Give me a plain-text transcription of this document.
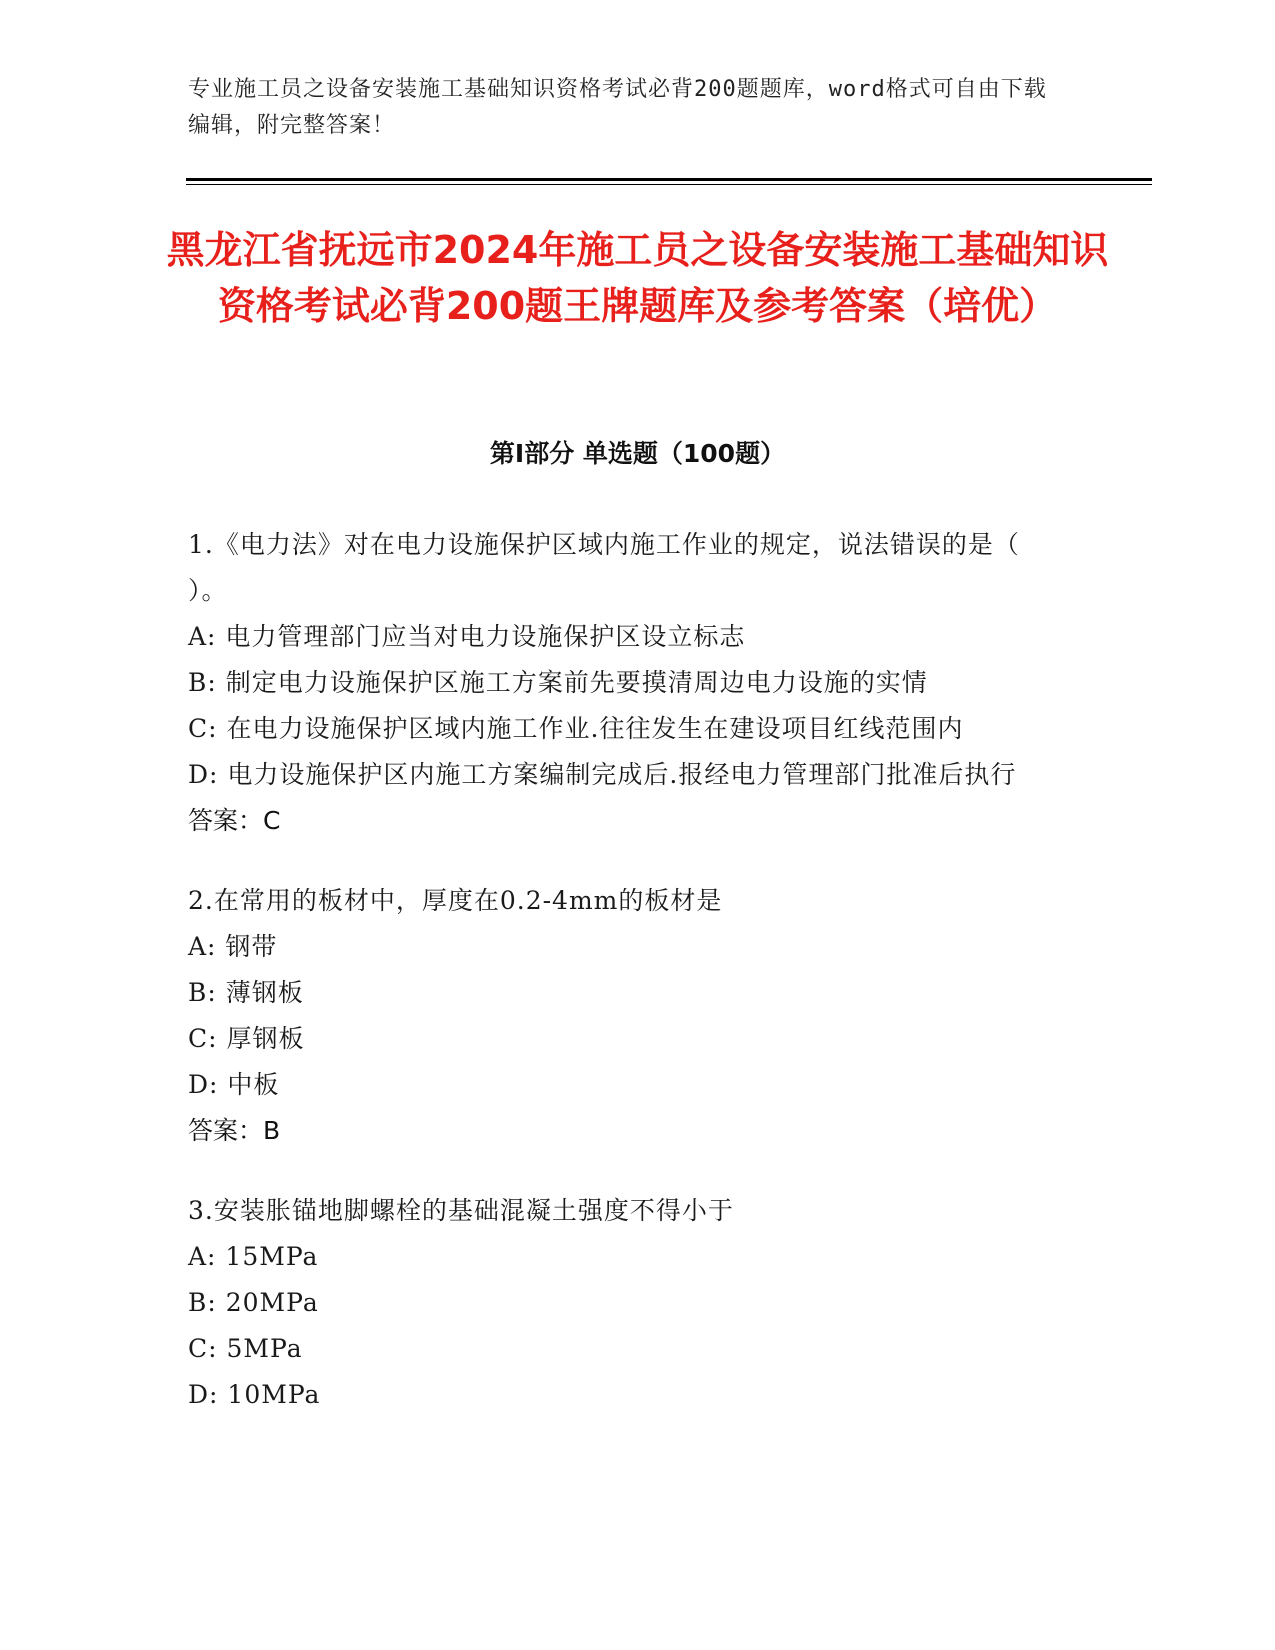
专业施工员之设备安装施工基础知识资格考试必背200题题库，word格式可自由下载编辑，附完整答案！
黑龙江省抚远市2024年施工员之设备安装施工基础知识资格考试必背200题王牌题库及参考答案（培优）
第Ⅰ部分 单选题（100题）
1.《电力法》对在电力设施保护区域内施工作业的规定，说法错误的是（ ）。
A: 电力管理部门应当对电力设施保护区设立标志
B: 制定电力设施保护区施工方案前先要摸清周边电力设施的实情
C: 在电力设施保护区域内施工作业.往往发生在建设项目红线范围内
D: 电力设施保护区内施工方案编制完成后.报经电力管理部门批准后执行
答案：C
2.在常用的板材中，厚度在0.2-4mm的板材是
A: 钢带
B: 薄钢板
C: 厚钢板
D: 中板
答案：B
3.安装胀锚地脚螺栓的基础混凝土强度不得小于
A: 15MPa
B: 20MPa
C: 5MPa
D: 10MPa
